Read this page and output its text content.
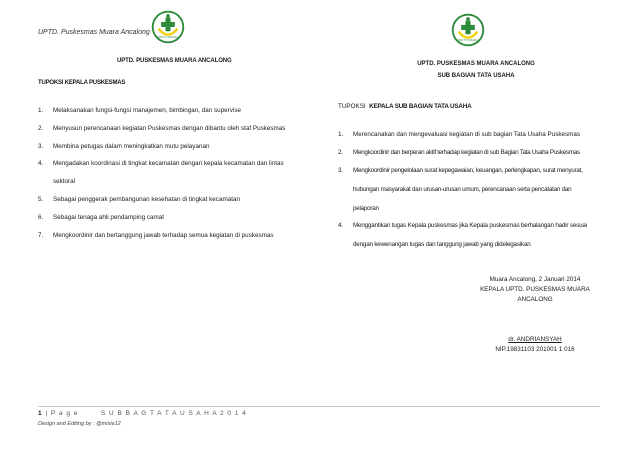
UPTD. Puskesmas Muara Ancalong
BAKTI HUSADA
BAKTI HUSADA
UPTD. PUSKESMAS MUARA ANCALONG
TUPOKSI KEPALA PUSKESMAS
1. Melaksanakan fungsi-fungsi manajemen, bimbingan, dan supervise
2. Menyusun perencanaan kegiatan Puskesmas dengan dibantu oleh staf Puskesmas
3. Membina petugas dalam meningkatkan mutu pelayanan
4. Mengadakan koordinasi di tingkat kecamatan dengan kepala kecamatan dan lintas
sektoral
5. Sebagai penggerak pembangunan kesehatan di tingkat kecamatan
6. Sebagai tenaga ahli pendamping camat
7. Mengkoordinir dan bertanggung jawab terhadap semua kegiatan di puskesmas
UPTD. PUSKESMAS MUARA ANCALONG
SUB BAGIAN TATA USAHA
TUPOKSI KEPALA SUB BAGIAN TATA USAHA
1. Merencanakan dan mengevaluasi kegiatan di sub bagian Tata Usaha Puskesmas
2. Mengkoordinir dan berperan aktif terhadap kegiatan di sub Bagian Tata Usaha Puskesmas
3. Mengkoordinir pengelolaan surat kepegawaian, keuangan, perlengkapan, surat menyurat,
hubungan masyarakat dan urusan-urusan umum, perencanaan serta pencatatan dan
pelaporan
4. Menggantikan tugas Kepala puskesmas jika Kepala puskesmas berhalangan hadir sesuai
dengan kewenangan tugas dan tanggung jawab yang didelegasikan
Muara Ancalong, 2 Januari 2014
KEPALA UPTD. PUSKESMAS MUARA
ANCALONG
dr. ANDRIANSYAH
NIP.19831103 201001 1 016
1 | P a g e	S U B B A G T A T A U S A H A 2 0 1 4
Design and Editing by : @misie12
